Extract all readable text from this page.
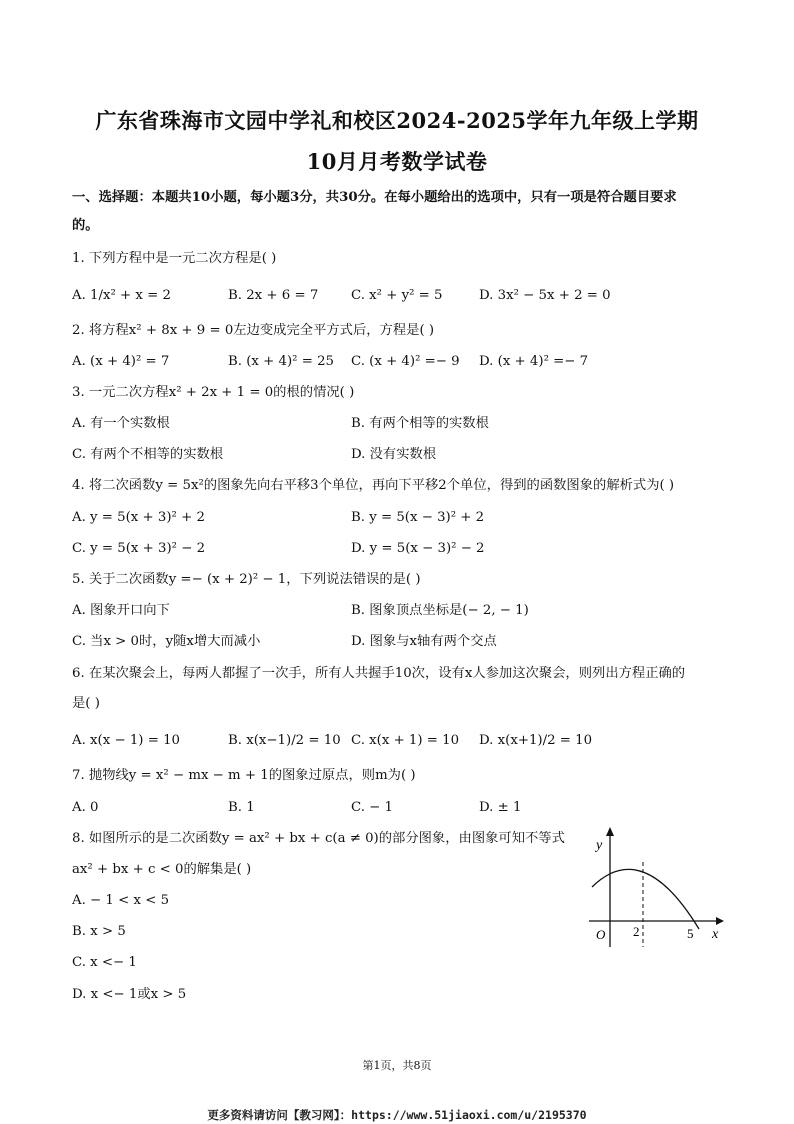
广东省珠海市文园中学礼和校区2024-2025学年九年级上学期
10月月考数学试卷
一、选择题：本题共10小题，每小题3分，共30分。在每小题给出的选项中，只有一项是符合题目要求
的。
1. 下列方程中是一元二次方程是( )
A. 1/x² + x = 2	B. 2x + 6 = 7 C. x² + y² = 5	D. 3x² − 5x + 2 = 0
2. 将方程x² + 8x + 9 = 0左边变成完全平方式后，方程是( )
A. (x + 4)² = 7	B. (x + 4)² = 25 C. (x + 4)² =− 9 D. (x + 4)² =− 7
3. 一元二次方程x² + 2x + 1 = 0的根的情况( )
A. 有一个实数根	B. 有两个相等的实数根
C. 有两个不相等的实数根	D. 没有实数根
4. 将二次函数y = 5x²的图象先向右平移3个单位，再向下平移2个单位，得到的函数图象的解析式为( )
A. y = 5(x + 3)² + 2	B. y = 5(x − 3)² + 2
C. y = 5(x + 3)² − 2	D. y = 5(x − 3)² − 2
5. 关于二次函数y =− (x + 2)² − 1，下列说法错误的是( )
A. 图象开口向下	B. 图象顶点坐标是(− 2, − 1)
C. 当x > 0时，y随x增大而减小	D. 图象与x轴有两个交点
6. 在某次聚会上，每两人都握了一次手，所有人共握手10次，设有x人参加这次聚会，则列出方程正确的
是( )
A. x(x − 1) = 10	B. x(x−1)/2 = 10 C. x(x + 1) = 10 D. x(x+1)/2 = 10
7. 抛物线y = x² − mx − m + 1的图象过原点，则m为( )
A. 0	B. 1	C. − 1	D. ± 1
8. 如图所示的是二次函数y = ax² + bx + c(a ≠ 0)的部分图象，由图象可知不等式
ax² + bx + c < 0的解集是( )
A. − 1 < x < 5
B. x > 5
C. x <− 1
D. x <− 1或x > 5
y
x
O 2	5
第1页，共8页
更多资料请访问【教习网】：https://www.51jiaoxi.com/u/2195370
